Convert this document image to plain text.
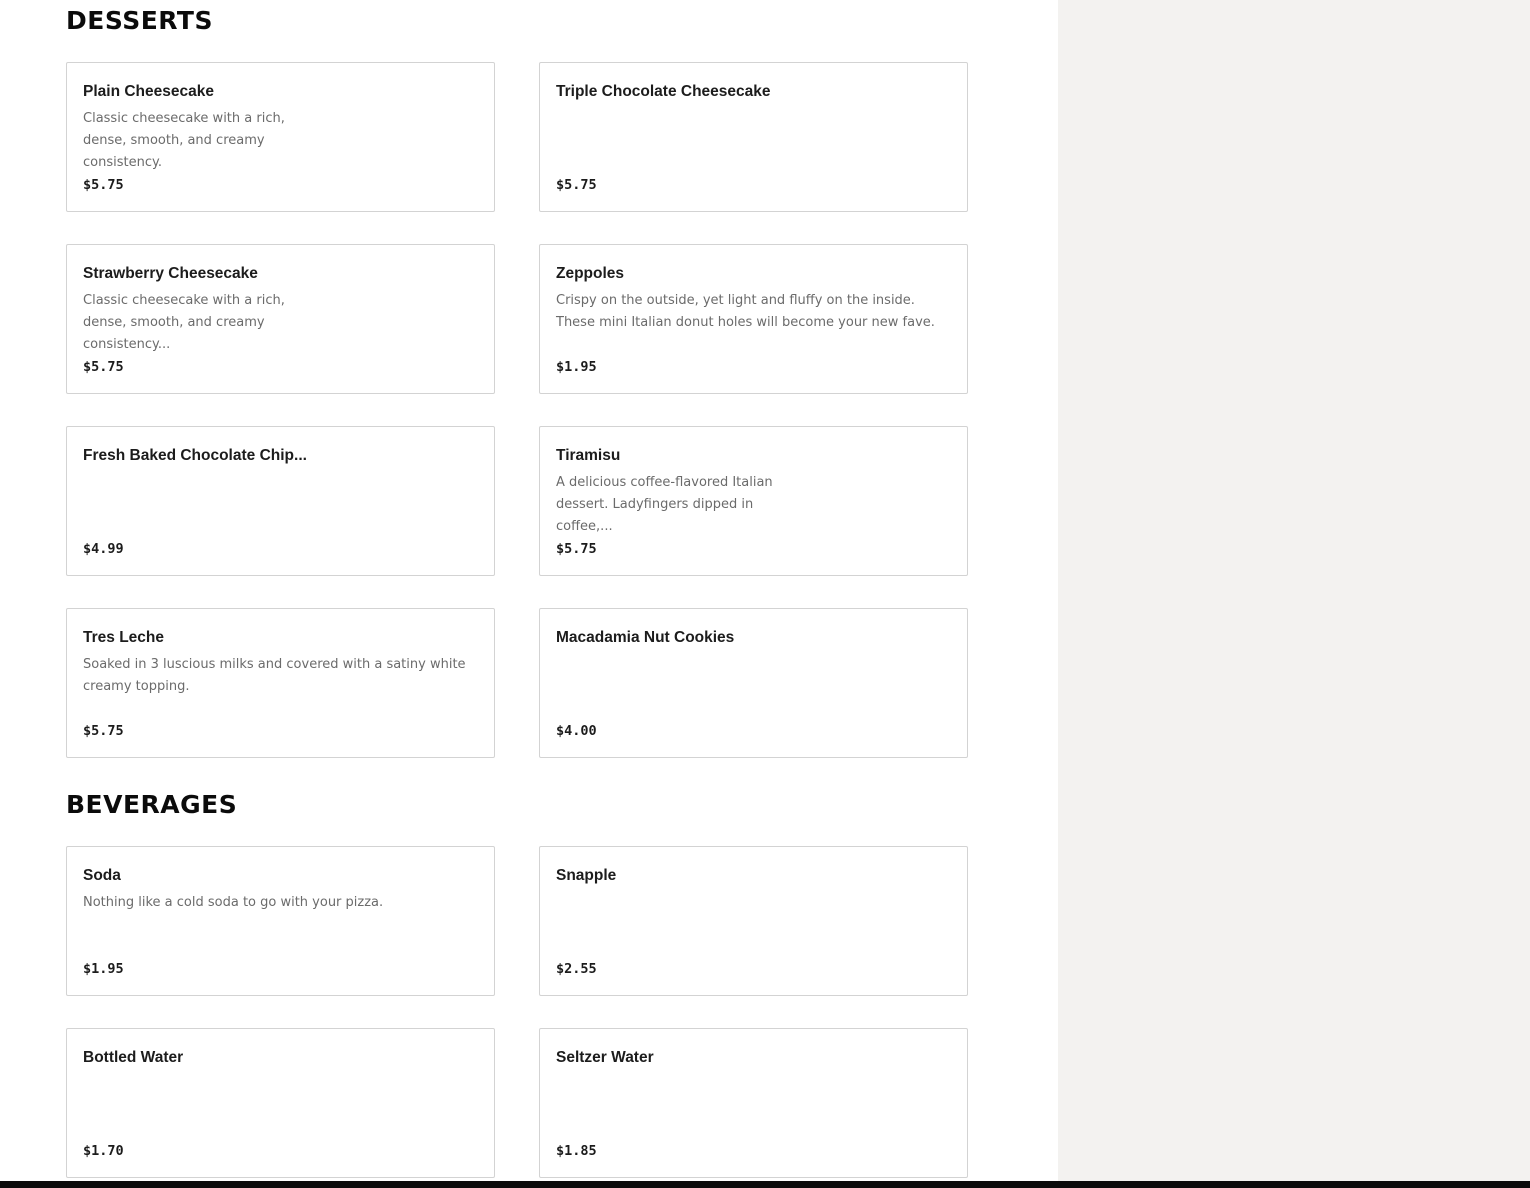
DESSERTS
Plain Cheesecake
Classic cheesecake with a rich, dense, smooth, and creamy consistency.
$5.75
Triple Chocolate Cheesecake
$5.75
Strawberry Cheesecake
Classic cheesecake with a rich, dense, smooth, and creamy consistency...
$5.75
Zeppoles
Crispy on the outside, yet light and fluffy on the inside. These mini Italian donut holes will become your new fave.
$1.95
Fresh Baked Chocolate Chip...
$4.99
Tiramisu
A delicious coffee-flavored Italian dessert. Ladyfingers dipped in coffee,...
$5.75
Tres Leche
Soaked in 3 luscious milks and covered with a satiny white creamy topping.
$5.75
Macadamia Nut Cookies
$4.00
BEVERAGES
Soda
Nothing like a cold soda to go with your pizza.
$1.95
Snapple
$2.55
Bottled Water
$1.70
Seltzer Water
$1.85
